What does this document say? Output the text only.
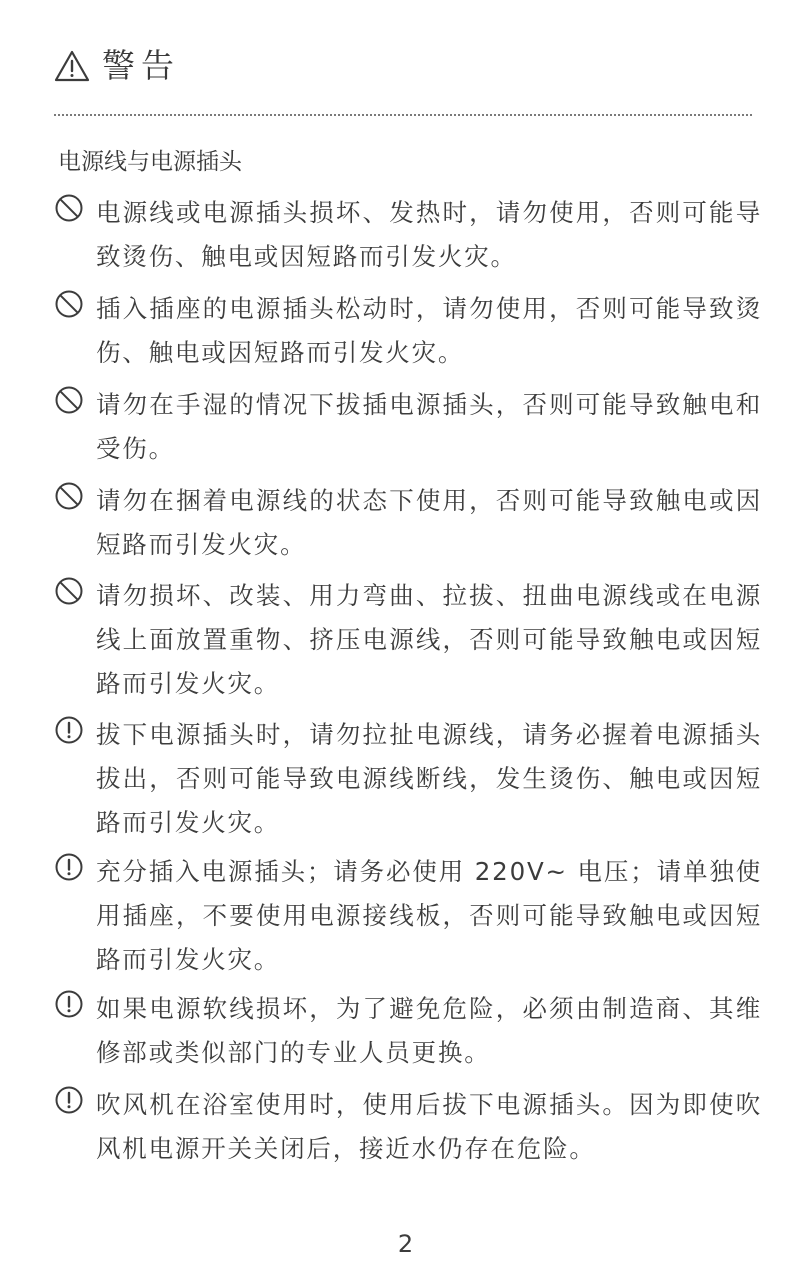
警告
电源线与电源插头
电源线或电源插头损坏、发热时，请勿使用，否则可能导致烫伤、触电或因短路而引发火灾。
插入插座的电源插头松动时，请勿使用，否则可能导致烫伤、触电或因短路而引发火灾。
请勿在手湿的情况下拔插电源插头，否则可能导致触电和受伤。
请勿在捆着电源线的状态下使用，否则可能导致触电或因短路而引发火灾。
请勿损坏、改装、用力弯曲、拉拔、扭曲电源线或在电源线上面放置重物、挤压电源线，否则可能导致触电或因短路而引发火灾。
拔下电源插头时，请勿拉扯电源线，请务必握着电源插头拔出，否则可能导致电源线断线，发生烫伤、触电或因短路而引发火灾。
充分插入电源插头；请务必使用 220V~ 电压；请单独使用插座，不要使用电源接线板，否则可能导致触电或因短路而引发火灾。
如果电源软线损坏，为了避免危险，必须由制造商、其维修部或类似部门的专业人员更换。
吹风机在浴室使用时，使用后拔下电源插头。因为即使吹风机电源开关关闭后，接近水仍存在危险。
2
